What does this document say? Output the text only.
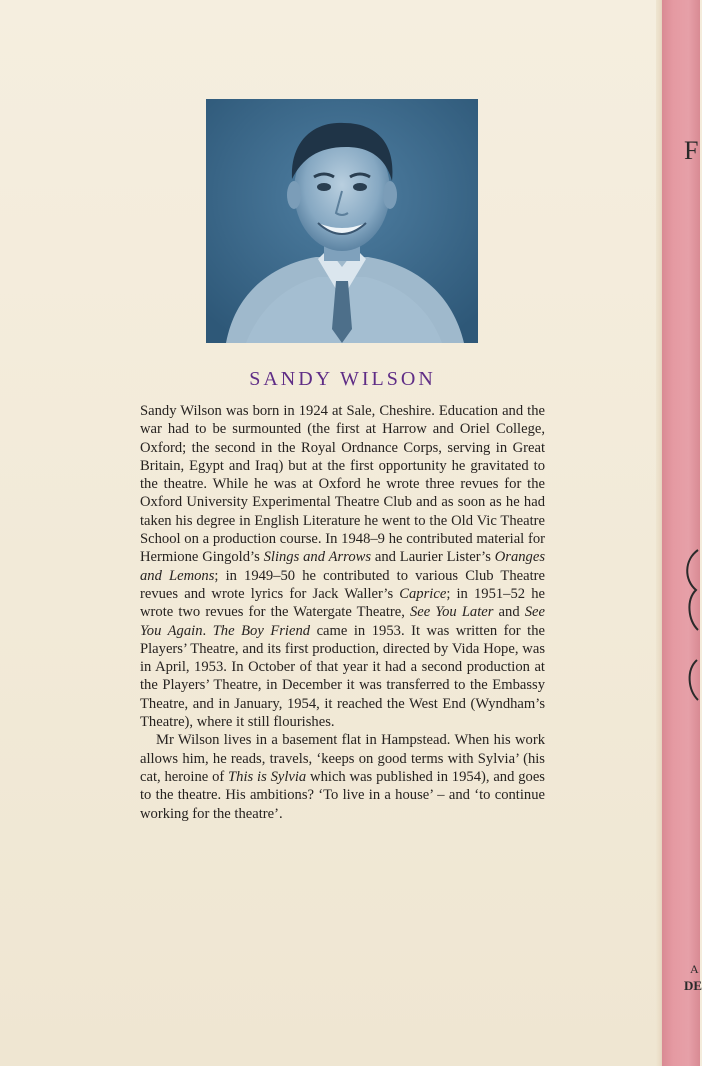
F
A
DE
SANDY WILSON

Sandy Wilson was born in 1924 at Sale, Cheshire. Education and the war had to be surmounted (the first at Harrow and Oriel College, Oxford; the second in the Royal Ordnance Corps, serving in Great Britain, Egypt and Iraq) but at the first opportunity he gravitated to the theatre. While he was at Oxford he wrote three revues for the Oxford University Experimental Theatre Club and as soon as he had taken his degree in English Literature he went to the Old Vic Theatre School on a production course. In 1948–9 he contributed material for Hermione Gingold’s Slings and Arrows and Laurier Lister’s Oranges and Lemons; in 1949–50 he contributed to various Club Theatre revues and wrote lyrics for Jack Waller’s Caprice; in 1951–52 he wrote two revues for the Watergate Theatre, See You Later and See You Again. The Boy Friend came in 1953. It was written for the Players’ Theatre, and its first production, directed by Vida Hope, was in April, 1953. In October of that year it had a second production at the Players’ Theatre, in December it was transferred to the Embassy Theatre, and in January, 1954, it reached the West End (Wyndham’s Theatre), where it still flourishes.

Mr Wilson lives in a basement flat in Hampstead. When his work allows him, he reads, travels, ‘keeps on good terms with Sylvia’ (his cat, heroine of This is Sylvia which was published in 1954), and goes to the theatre. His ambitions? ‘To live in a house’ – and ‘to continue working for the theatre’.
